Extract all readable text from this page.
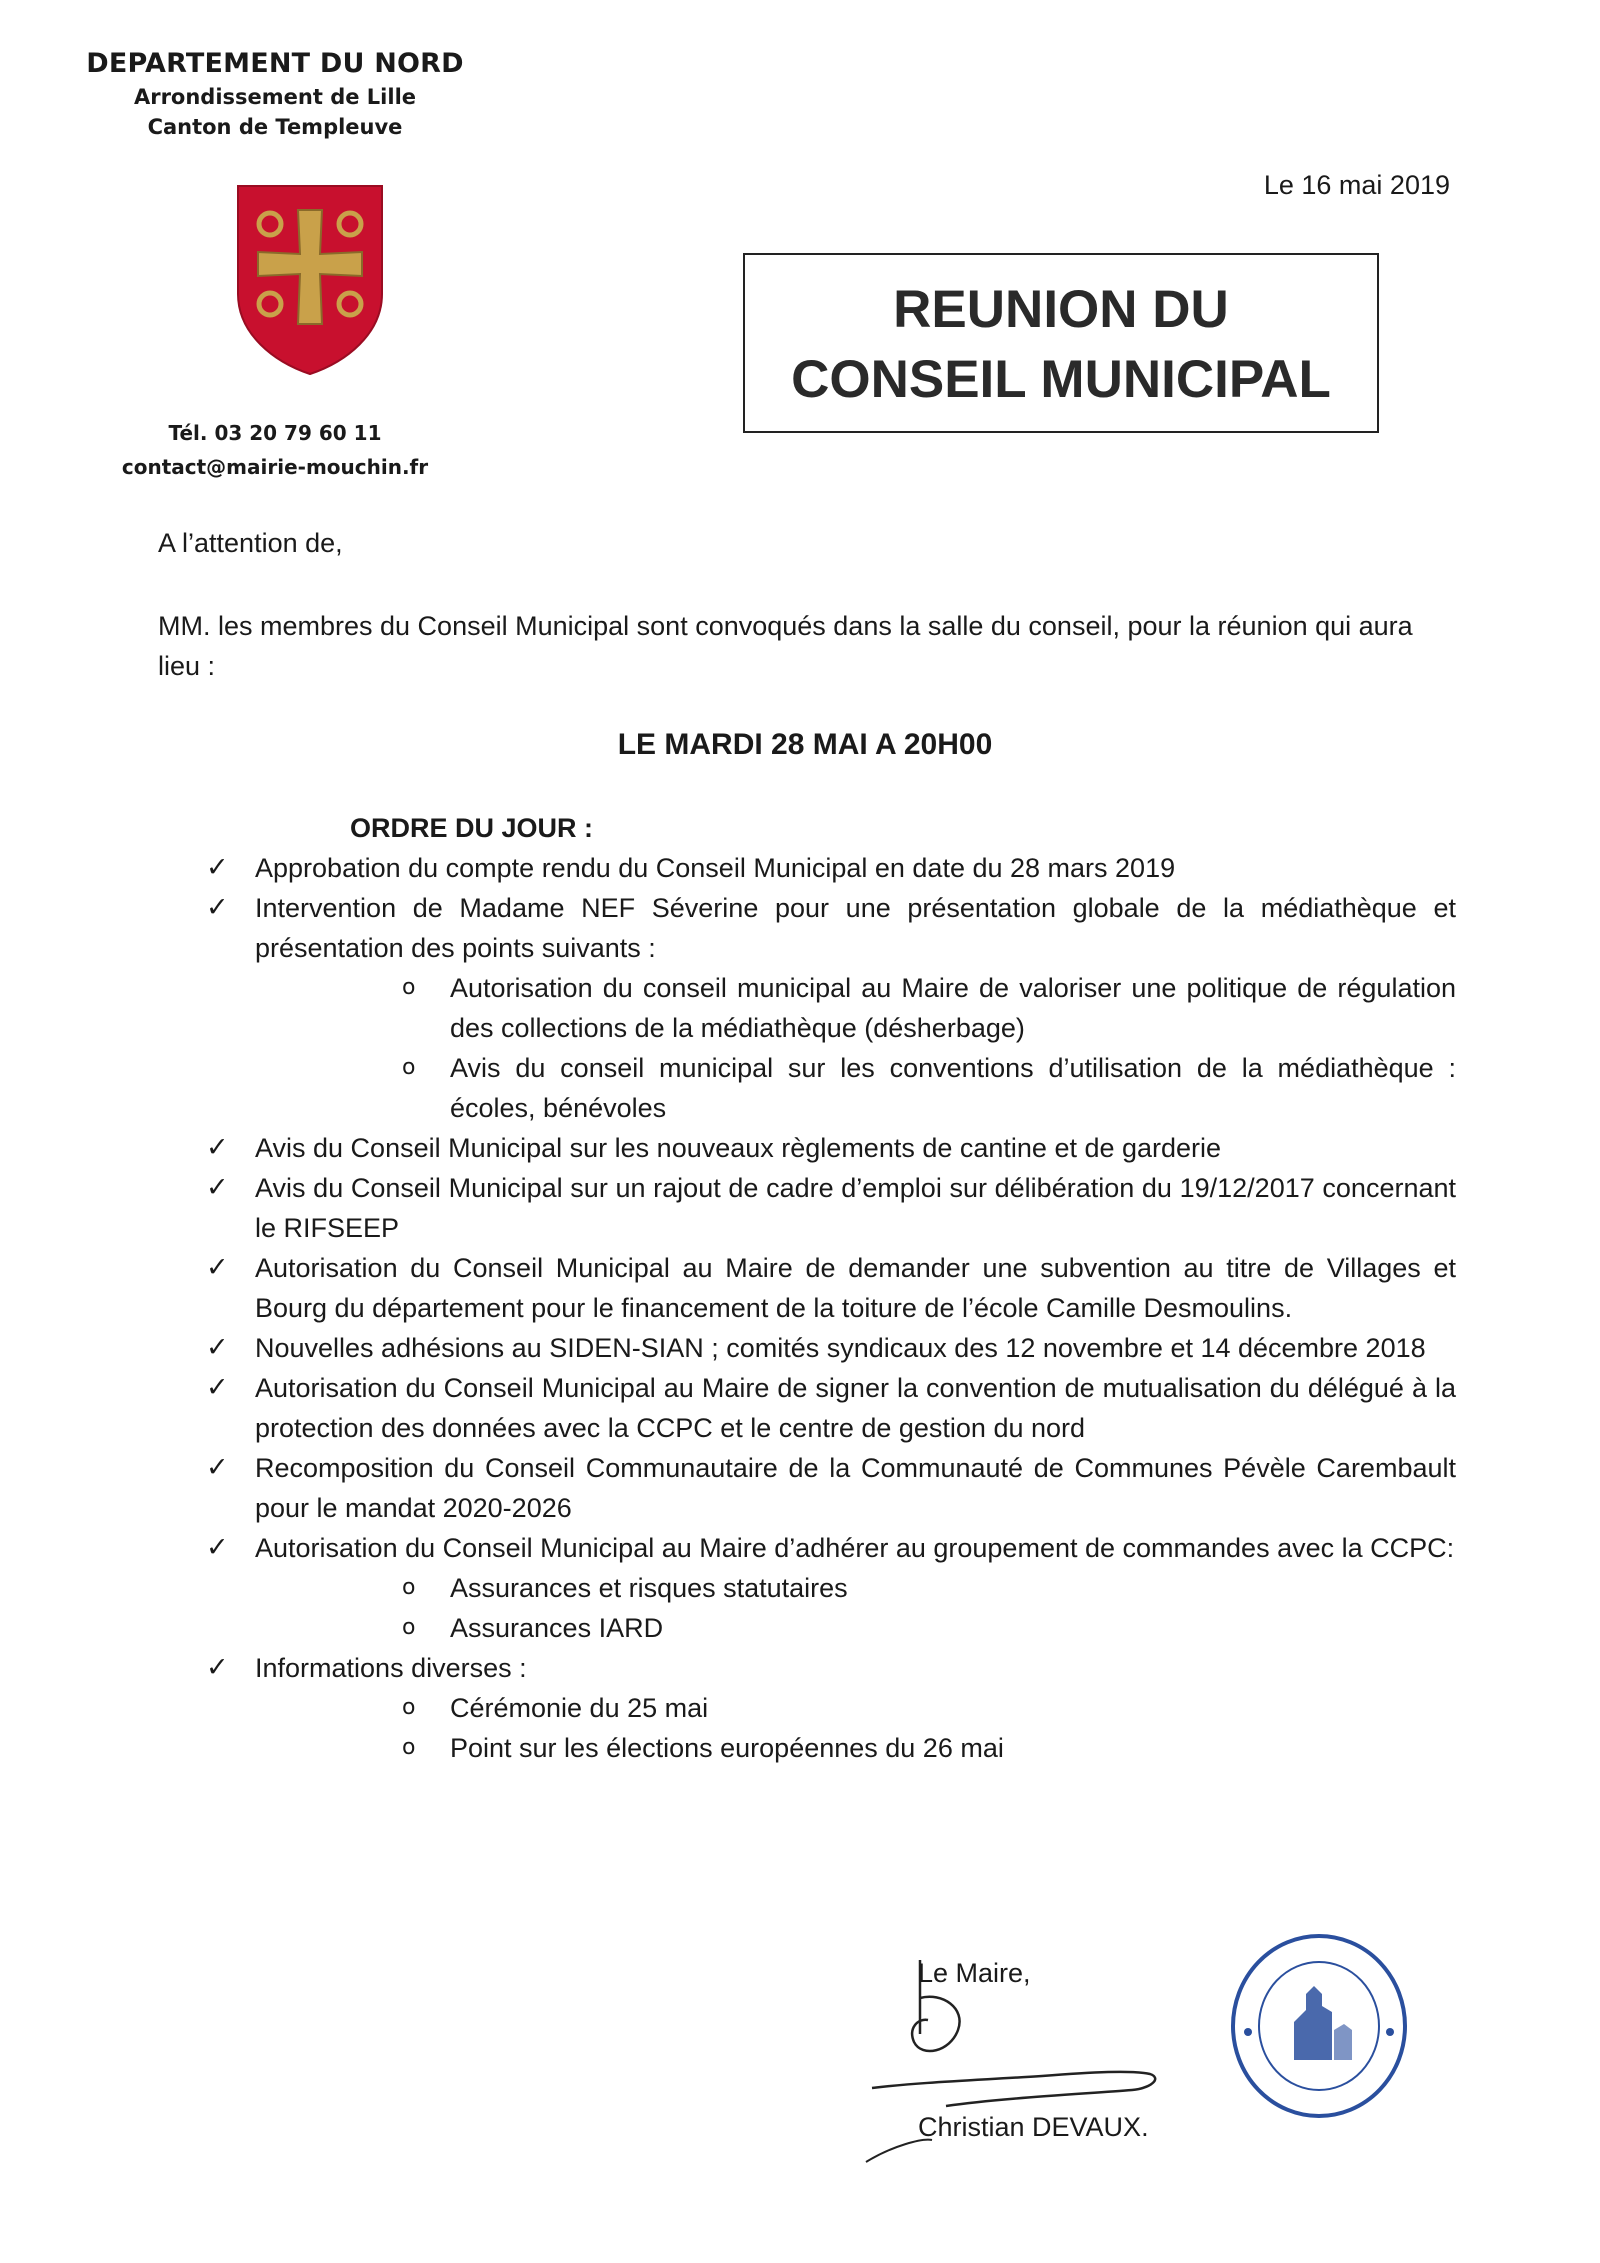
DEPARTEMENT DU NORD
Arrondissement de Lille
Canton de Templeuve
Tél. 03 20 79 60 11
contact@mairie-mouchin.fr
Le 16 mai 2019
REUNION DU
CONSEIL MUNICIPAL
A l’attention de,
MM. les membres du Conseil Municipal sont convoqués dans la salle du conseil, pour la réunion qui aura lieu :
LE MARDI 28 MAI A 20H00
ORDRE DU JOUR :
✓ Approbation du compte rendu du Conseil Municipal en date du 28 mars 2019
✓ Intervention de Madame NEF Séverine pour une présentation globale de la médiathèque et présentation des points suivants :
o Autorisation du conseil municipal au Maire de valoriser une politique de régulation des collections de la médiathèque (désherbage)
o Avis du conseil municipal sur les conventions d’utilisation de la médiathèque : écoles, bénévoles
✓ Avis du Conseil Municipal sur les nouveaux règlements de cantine et de garderie
✓ Avis du Conseil Municipal sur un rajout de cadre d’emploi sur délibération du 19/12/2017 concernant le RIFSEEP
✓ Autorisation du Conseil Municipal au Maire de demander une subvention au titre de Villages et Bourg du département pour le financement de la toiture de l’école Camille Desmoulins.
✓ Nouvelles adhésions au SIDEN-SIAN ; comités syndicaux des 12 novembre et 14 décembre 2018
✓ Autorisation du Conseil Municipal au Maire de signer la convention de mutualisation du délégué à la protection des données avec la CCPC et le centre de gestion du nord
✓ Recomposition du Conseil Communautaire de la Communauté de Communes Pévèle Carembault pour le mandat 2020-2026
✓ Autorisation du Conseil Municipal au Maire d’adhérer au groupement de commandes avec la CCPC:
o Assurances et risques statutaires
o Assurances IARD
✓ Informations diverses :
o Cérémonie du 25 mai
o Point sur les élections européennes du 26 mai
Le Maire,
Christian DEVAUX.
